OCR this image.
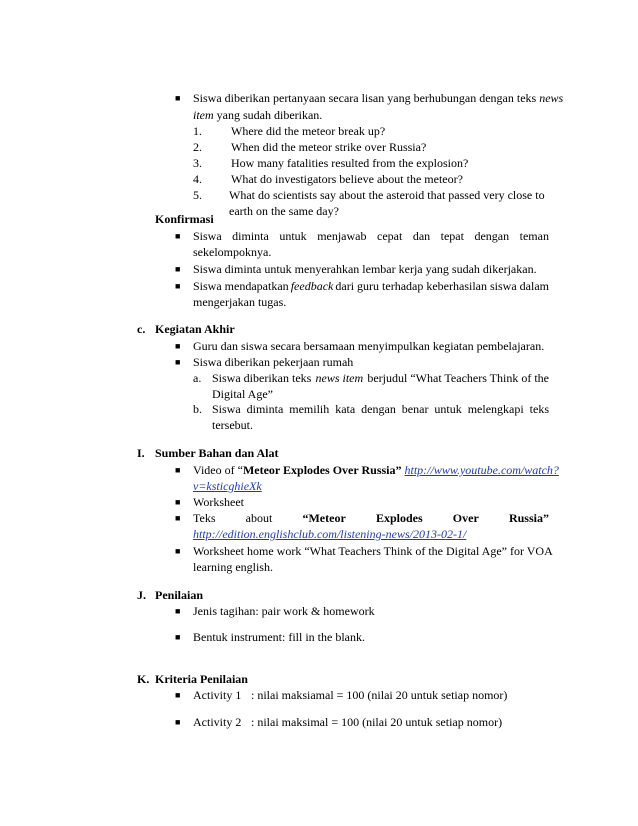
■ Siswa diberikan pertanyaan secara lisan yang berhubungan dengan teks news
item yang sudah diberikan.
1. Where did the meteor break up?
2. When did the meteor strike over Russia?
3. How many fatalities resulted from the explosion?
4. What do investigators believe about the meteor?
5. What do scientists say about the asteroid that passed very close to
earth on the same day?
Konfirmasi
■ Siswa diminta untuk menjawab cepat dan tepat dengan teman
sekelompoknya.
■ Siswa diminta untuk menyerahkan lembar kerja yang sudah dikerjakan.
■ Siswa mendapatkan feedback dari guru terhadap keberhasilan siswa dalam
mengerjakan tugas.
c. Kegiatan Akhir
■ Guru dan siswa secara bersamaan menyimpulkan kegiatan pembelajaran.
■ Siswa diberikan pekerjaan rumah
a. Siswa diberikan teks news item berjudul “What Teachers Think of the
Digital Age”
b. Siswa diminta memilih kata dengan benar untuk melengkapi teks
tersebut.
I. Sumber Bahan dan Alat
■ Video of “Meteor Explodes Over Russia” http://www.youtube.com/watch?
v=ksticghieXk
■ Worksheet
■ Teks	about	“Meteor	Explodes	Over	Russia”
http://edition.englishclub.com/listening-news/2013-02-1/
■ Worksheet home work “What Teachers Think of the Digital Age” for VOA
learning english.
J. Penilaian
■ Jenis tagihan: pair work & homework
■ Bentuk instrument: fill in the blank.
K. Kriteria Penilaian
■ Activity 1 : nilai maksiamal = 100 (nilai 20 untuk setiap nomor)
■ Activity 2 : nilai maksimal = 100 (nilai 20 untuk setiap nomor)
